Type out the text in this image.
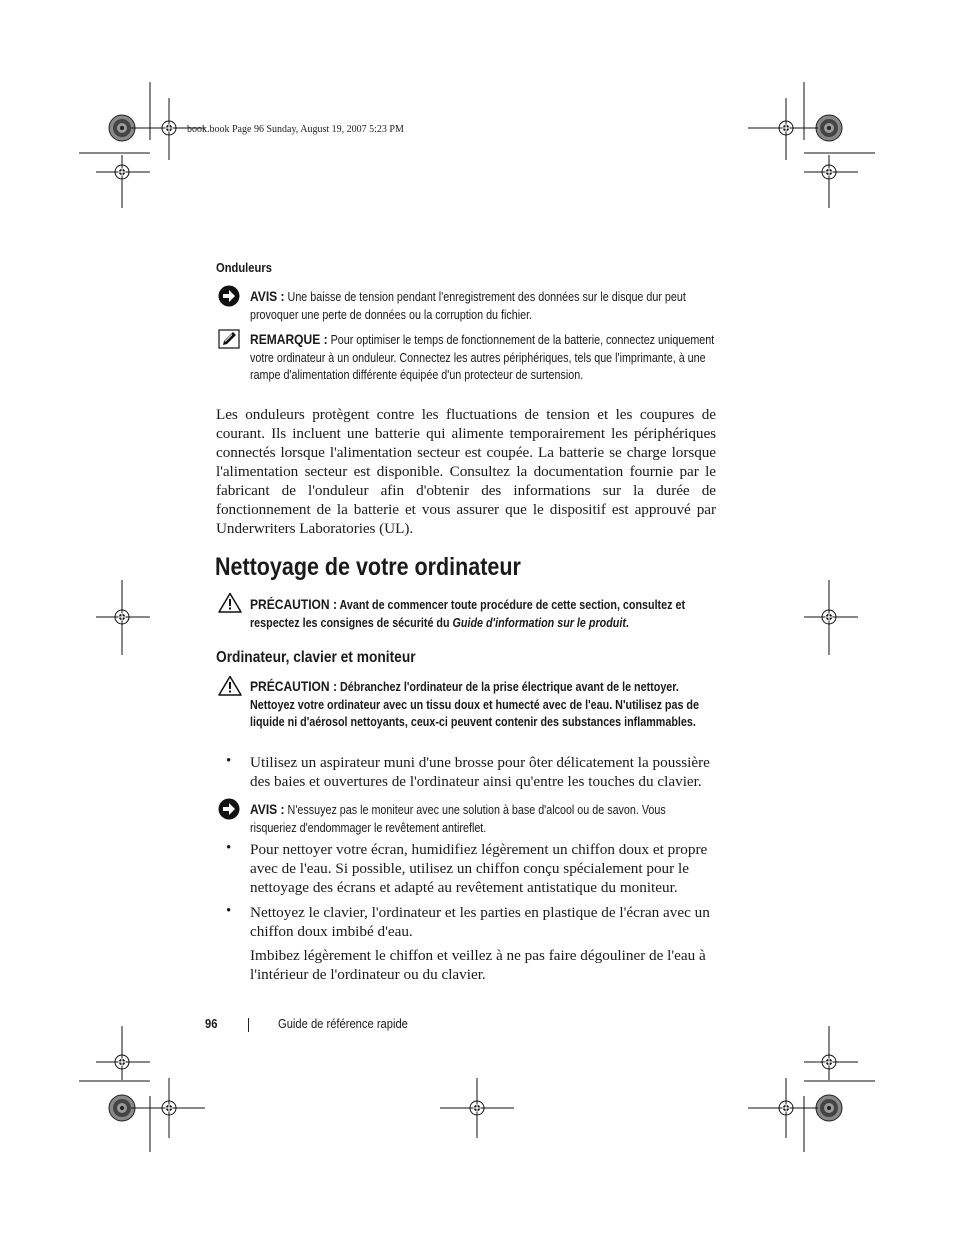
book.book Page 96 Sunday, August 19, 2007 5:23 PM
Onduleurs
AVIS : Une baisse de tension pendant l'enregistrement des données sur le disque dur peut provoquer une perte de données ou la corruption du fichier.
REMARQUE : Pour optimiser le temps de fonctionnement de la batterie, connectez uniquement votre ordinateur à un onduleur. Connectez les autres périphériques, tels que l'imprimante, à une rampe d'alimentation différente équipée d'un protecteur de surtension.
Les onduleurs protègent contre les fluctuations de tension et les coupures de courant. Ils incluent une batterie qui alimente temporairement les périphériques connectés lorsque l'alimentation secteur est coupée. La batterie se charge lorsque l'alimentation secteur est disponible. Consultez la documentation fournie par le fabricant de l'onduleur afin d'obtenir des informations sur la durée de fonctionnement de la batterie et vous assurer que le dispositif est approuvé par Underwriters Laboratories (UL).
Nettoyage de votre ordinateur
PRÉCAUTION : Avant de commencer toute procédure de cette section, consultez et respectez les consignes de sécurité du Guide d'information sur le produit.
Ordinateur, clavier et moniteur
PRÉCAUTION : Débranchez l'ordinateur de la prise électrique avant de le nettoyer. Nettoyez votre ordinateur avec un tissu doux et humecté avec de l'eau. N'utilisez pas de liquide ni d'aérosol nettoyants, ceux-ci peuvent contenir des substances inflammables.
• Utilisez un aspirateur muni d'une brosse pour ôter délicatement la poussière des baies et ouvertures de l'ordinateur ainsi qu'entre les touches du clavier.
AVIS : N'essuyez pas le moniteur avec une solution à base d'alcool ou de savon. Vous risqueriez d'endommager le revêtement antireflet.
• Pour nettoyer votre écran, humidifiez légèrement un chiffon doux et propre avec de l'eau. Si possible, utilisez un chiffon conçu spécialement pour le nettoyage des écrans et adapté au revêtement antistatique du moniteur.
• Nettoyez le clavier, l'ordinateur et les parties en plastique de l'écran avec un chiffon doux imbibé d'eau.
Imbibez légèrement le chiffon et veillez à ne pas faire dégouliner de l'eau à l'intérieur de l'ordinateur ou du clavier.
96	Guide de référence rapide
